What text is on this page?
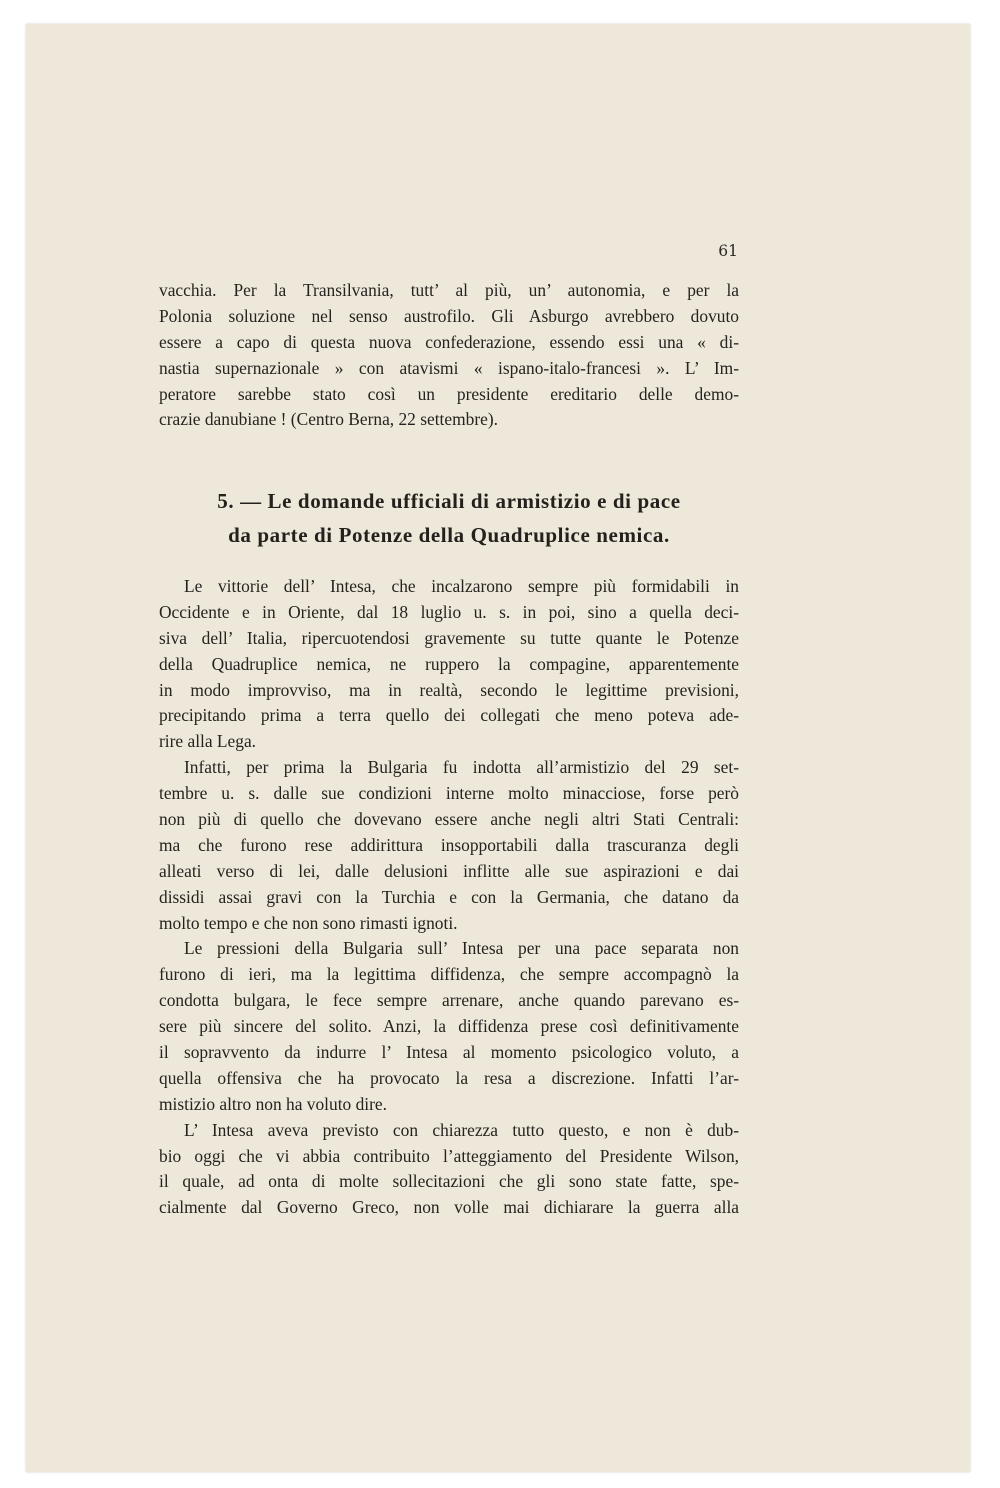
61
vacchia. Per la Transilvania, tutt’ al più, un’ autonomia, e per la
Polonia soluzione nel senso austrofilo. Gli Asburgo avrebbero dovuto
essere a capo di questa nuova confederazione, essendo essi una « di-
nastia supernazionale » con atavismi « ispano-italo-francesi ». L’ Im-
peratore sarebbe stato così un presidente ereditario delle demo-
crazie danubiane ! (Centro Berna, 22 settembre).
5. — Le domande ufficiali di armistizio e di pace
da parte di Potenze della Quadruplice nemica.
Le vittorie dell’ Intesa, che incalzarono sempre più formidabili in
Occidente e in Oriente, dal 18 luglio u. s. in poi, sino a quella deci-
siva dell’ Italia, ripercuotendosi gravemente su tutte quante le Potenze
della Quadruplice nemica, ne ruppero la compagine, apparentemente
in modo improvviso, ma in realtà, secondo le legittime previsioni,
precipitando prima a terra quello dei collegati che meno poteva ade-
rire alla Lega.
Infatti, per prima la Bulgaria fu indotta all’armistizio del 29 set-
tembre u. s. dalle sue condizioni interne molto minacciose, forse però
non più di quello che dovevano essere anche negli altri Stati Centrali:
ma che furono rese addirittura insopportabili dalla trascuranza degli
alleati verso di lei, dalle delusioni inflitte alle sue aspirazioni e dai
dissidi assai gravi con la Turchia e con la Germania, che datano da
molto tempo e che non sono rimasti ignoti.
Le pressioni della Bulgaria sull’ Intesa per una pace separata non
furono di ieri, ma la legittima diffidenza, che sempre accompagnò la
condotta bulgara, le fece sempre arrenare, anche quando parevano es-
sere più sincere del solito. Anzi, la diffidenza prese così definitivamente
il sopravvento da indurre l’ Intesa al momento psicologico voluto, a
quella offensiva che ha provocato la resa a discrezione. Infatti l’ar-
mistizio altro non ha voluto dire.
L’ Intesa aveva previsto con chiarezza tutto questo, e non è dub-
bio oggi che vi abbia contribuito l’atteggiamento del Presidente Wilson,
il quale, ad onta di molte sollecitazioni che gli sono state fatte, spe-
cialmente dal Governo Greco, non volle mai dichiarare la guerra alla
